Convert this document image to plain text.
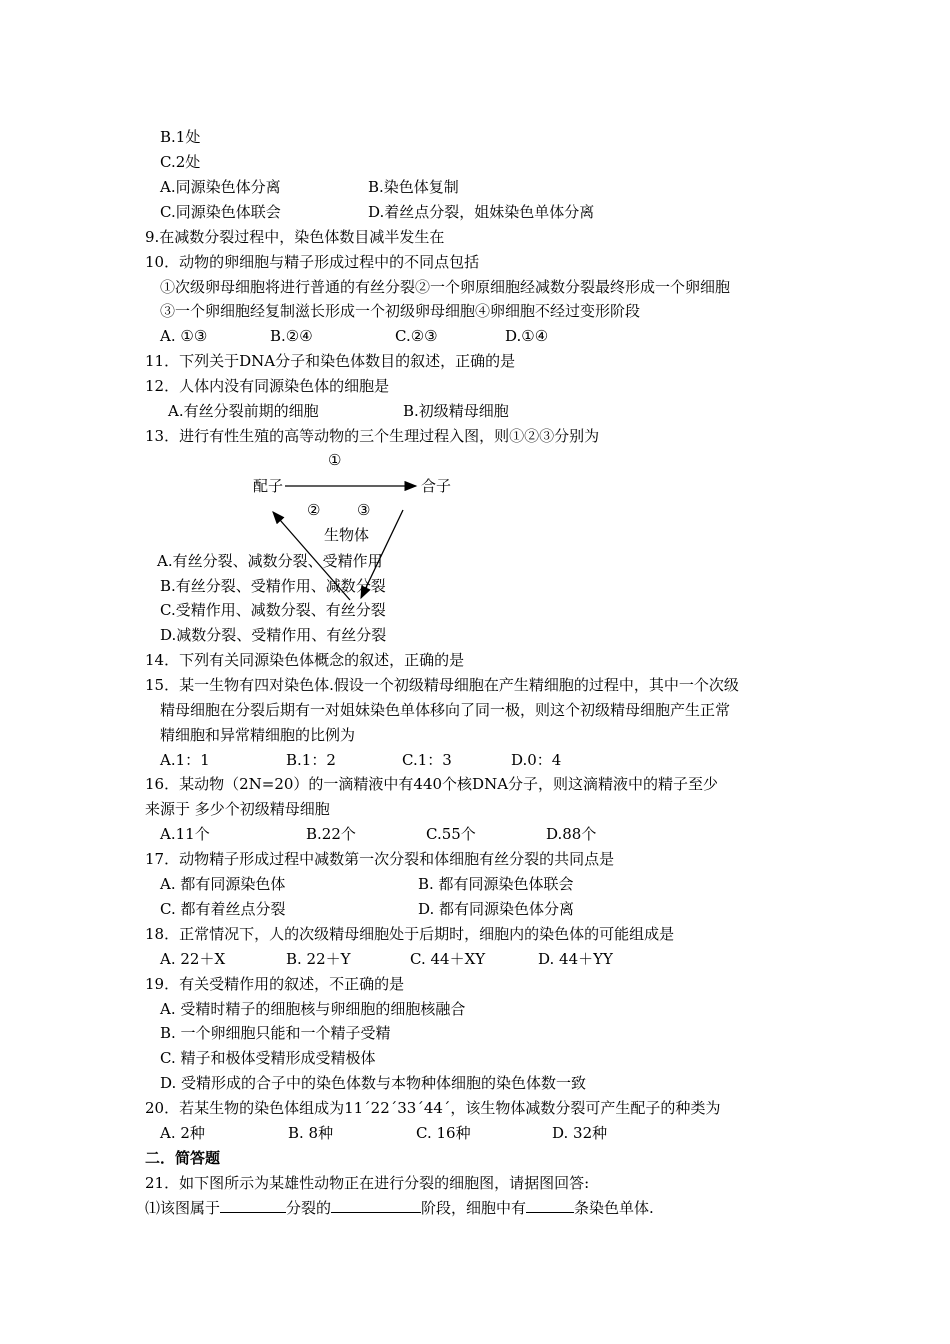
B.1处
C.2处
A.同源染色体分离	B.染色体复制
C.同源染色体联会	D.着丝点分裂，姐妹染色单体分离
9.在减数分裂过程中，染色体数目减半发生在
10．动物的卵细胞与精子形成过程中的不同点包括
①次级卵母细胞将进行普通的有丝分裂②一个卵原细胞经减数分裂最终形成一个卵细胞
③一个卵细胞经复制滋长形成一个初级卵母细胞④卵细胞不经过变形阶段
A. ①③	B.②④	C.②③	D.①④
11．下列关于DNA分子和染色体数目的叙述，正确的是
12．人体内没有同源染色体的细胞是
A.有丝分裂前期的细胞	B.初级精母细胞
13．进行有性生殖的高等动物的三个生理过程入图，则①②③分别为
①
配子	合子
② ③
生物体
A.有丝分裂、减数分裂、受精作用
B.有丝分裂、受精作用、减数分裂
C.受精作用、减数分裂、有丝分裂
D.减数分裂、受精作用、有丝分裂
14．下列有关同源染色体概念的叙述，正确的是
15．某一生物有四对染色体.假设一个初级精母细胞在产生精细胞的过程中，其中一个次级
精母细胞在分裂后期有一对姐妹染色单体移向了同一极，则这个初级精母细胞产生正常
精细胞和异常精细胞的比例为
A.1：1	B.1：2	C.1：3	D.0：4
16．某动物（2N=20）的一滴精液中有440个核DNA分子，则这滴精液中的精子至少
来源于 多少个初级精母细胞
A.11个	B.22个	C.55个	D.88个
17．动物精子形成过程中减数第一次分裂和体细胞有丝分裂的共同点是
A. 都有同源染色体	B. 都有同源染色体联会
C. 都有着丝点分裂	D. 都有同源染色体分离
18．正常情况下，人的次级精母细胞处于后期时，细胞内的染色体的可能组成是
A. 22＋X	B. 22＋Y	C. 44＋XY	D. 44＋YY
19．有关受精作用的叙述，不正确的是
A. 受精时精子的细胞核与卵细胞的细胞核融合
B. 一个卵细胞只能和一个精子受精
C. 精子和极体受精形成受精极体
D. 受精形成的合子中的染色体数与本物种体细胞的染色体数一致
20．若某生物的染色体组成为11ˊ22ˊ33ˊ44ˊ，该生物体减数分裂可产生配子的种类为
A. 2种	B. 8种	C. 16种	D. 32种
二．简答题
21．如下图所示为某雄性动物正在进行分裂的细胞图，请据图回答:
⑴该图属于	分裂的	阶段，细胞中有	条染色单体.
